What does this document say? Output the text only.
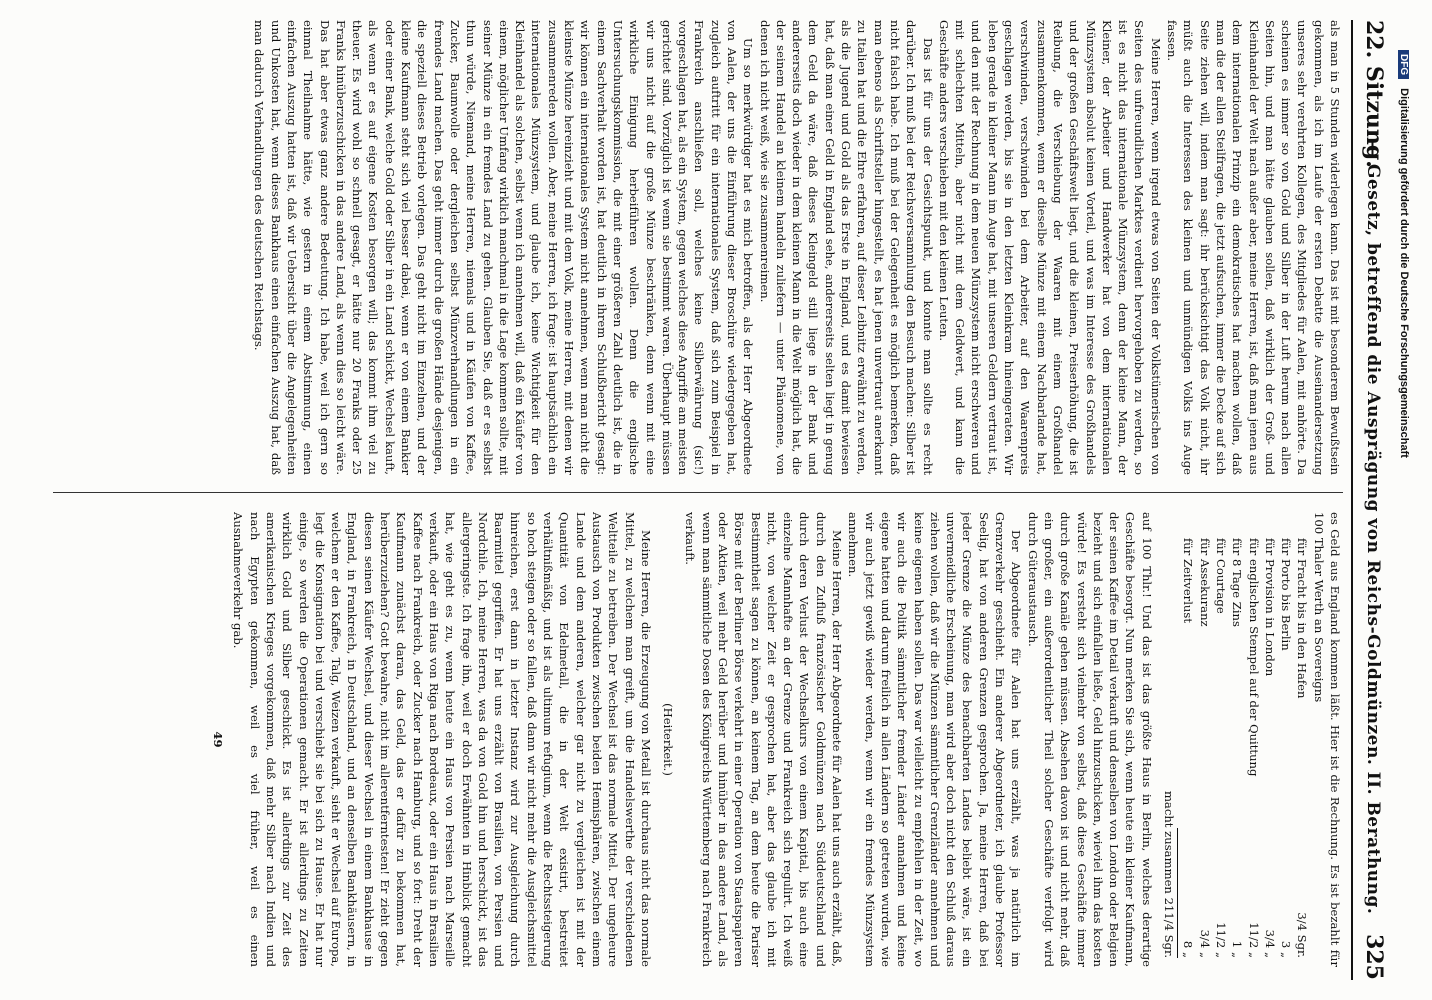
22. Sitzung.
— Gesetz, betreffend die Ausprägung von Reichs-Goldmünzen. II. Berathung.
325

als man in 5 Stunden widerlegen kann. Das ist mit besonderem Bewußtsein gekommen, als ich im Laufe der ersten Debatte die Auseinandersetzung unseres sehr verehrten Kollegen, des Mitgliedes für Aalen, mit anhörte. Da scheinen es immer so von Gold und Silber in der Luft herum nach allen Seiten hin, und man hätte glauben sollen, daß wirklich der Groß- und Kleinhandel der Welt nach außer aber, meine Herren, ist, daß man jenen aus dem internationalen Prinzip ein demokratisches hat machen wollen, daß man die der allen Steilfragen, die jetzt aufsuchen, immer die Decke auf sich Seite ziehen will, indem man sagt: ihr berücksichtigt das Volk nicht, ihr müßt auch die Interessen des kleinen und unmündigen Volks ins Auge fassen.

Meine Herren, wenn irgend etwas von Seiten der Volkstümerischen von Seiten des unfreundlichen Marktes verdient hervorgehoben zu werden, so ist es nicht das internationale Münzsystem, denn der kleine Mann, der Kleiner, der Arbeiter und Handwerker hat von dem internationalen Münzsystem absolut keinen Vorteil, und was im Interesse des Großhandels und der großen Geschäftswelt liegt, und die kleinen, Preiserhöhung, die ist Reibung, die Verschiebung der Waaren mit einem Großhandel zusammenkommen, wenn er dieselbe Münze mit einem Nachbarlande hat, verschwinden, verschwinden bei dem Arbeiter, auf den Waarenpreis geschlagen werden, bis sie in den letzten Kleinkram hineingeraten. Wir leben gerade in kleiner Mann im Auge hat, mit unseren Geldern vertraut ist, und den mit der Rechnung in dem neuen Münzsystem nicht erschweren und mit schlechten Mitteln, aber nicht mit dem Geldwert, und kann die Geschäfte anders verschieben mit den kleinen Leuten.

Das ist für uns der Gesichtspunkt, und konnte man sollte es recht darüber. Ich muß bei der Reichsversammlung den Besuch machen: Silber ist nicht falsch habe. Ich muß bei der Gelegenheit es möglich bemerken, daß man ebenso als Schriftsteller hingestellt, es hat jenen unvertraut anerkannt zu Italien hat und die Ehre erfahren, auf dieser Leibnitz erwähnt zu werden, als die Jugend und Gold als das Erste in England, und es damit bewiesen hat, daß man einer Geld in England sehe, andererseits selten liegt in genug dem Geld da wäre, daß dieses Kleingeld still liege in der Bank und andererseits doch wieder in dem kleinen Mann in die Welt möglich hat, die der seinem Handel an kleinem handeln zuliefern — unter Phänomene, von denen ich nicht weiß, wie sie zusammenreimen.

Um so merkwürdiger hat es mich betroffen, als der Herr Abgeordnete von Aalen, der uns die Einführung dieser Broschüre wiedergegeben hat, zugleich auftritt für ein internationales System, daß sich zum Beispiel in Frankreich anschließen soll, welches keine Silberwährung (sic!) vorgeschlagen hat, als ein System, gegen welches diese Angriffe am meisten gerichtet sind. Vorzüglich ist wenn sie bestimmt waren. Überhaupt müssen wir uns nicht auf die große Münze beschränken, denn wenn mit eine wirkliche Einigung herbeiführen wollen. Denn die englische Untersuchungskommission, die mit einer größeren Zahl deutlich ist, die in einem Sachverhalt worden ist, hat deutlich in ihrem Schlußbericht gesagt: wir können ein internationales System nicht annehmen, wenn man nicht die kleinste Münze hereinzieht und mit dem Volk, meine Herren, mit denen wir zusammenreden wollen. Aber, meine Herren, ich frage: ist hauptsächlich ein internationales Münzsystem, und glaube ich, keine Wichtigkeit für den Kleinhandel als solchen, selbst wenn ich annehmen will, daß ein Käufer von einem, möglicher Umfang wirklich manchmal in die Lage kommen sollte, mit seiner Münze in ein fremdes Land zu gehen. Glauben Sie, daß er es selbst thun würde, Niemand, meine Herren, niemals und in Käufen von Kaffee, Zucker, Baumwolle oder dergleichen selbst Münzverhandlungen in ein fremdes Land machen. Das geht immer durch die großen Hände desjenigen, die speziell dieses Betrieb vorlegen. Das geht nicht im Einzelnen, und der kleine Kaufmann steht sich viel besser dabei, wenn er von einem Bankier oder einer Bank, welche Gold oder Silber in ein Land schickt, Wechsel kauft, als wenn er es auf eigene Kosten besorgen will; das kommt ihm viel zu theuer. Es wird wohl so schnell gesagt, er hätte nur 20 Franks oder 25 Franks hinüberzuschicken in das andere Land, als wenn dies so leicht wäre. Das hat aber etwas ganz andere Bedeutung. Ich habe, weil ich gern so einmal Theilnahme hätte, wie gestern in einem Abstimmung, einen einfachen Auszug hatten ist, daß wir Uebersicht über die Angelegenheiten und Unkosten hat, wenn dieses Bankhaus einen einfachen Auszug hat, daß man dadurch Verhandlungen des deutschen Reichstags.

es Geld aus England kommen läßt. Hier ist die Rechnung. Es ist bezahlt für 100 Thaler Werth an Sovereigns

für Fracht bis in den Hafen	3/4 Sgr.
für Porto bis Berlin	3 „
für Provision in London	3/4 „
für englischen Stempel auf der Quittung	11/2 „
für 8 Tage Zins	1 „
für Courtage	11/2 „
für Assekuranz	3/4 „
für Zeitverlust	8 „
macht zusammen 211/4 Sgr.

auf 100 Thlr.! Und das ist das größte Haus in Berlin, welches derartige Geschäfte besorgt. Nun merken Sie sich, wenn heute ein kleiner Kaufmann, der seinen Kaffee im Detail verkauft und denselben von London oder Belgien bezieht und sich einfallen ließe, Geld hinzuschicken, wieviel ihm das kosten würde! Es versteht sich vielmehr von selbst, daß diese Geschäfte immer durch große Kanäle gehen müssen. Absehen davon ist und nicht mehr, daß ein großer, ein außerordentlicher Theil solcher Geschäfte verfolgt wird durch Güteraustausch.

Der Abgeordnete für Aalen hat uns erzählt, was ja natürlich im Grenzverkehr geschieht. Ein anderer Abgeordneter, ich glaube Professor Seelig, hat von anderen Grenzen gesprochen. Ja, meine Herren, daß bei jeder Grenze die Münze des benachbarten Landes beliebt wäre, ist ein unvermeidliche Erscheinung, man wird aber doch nicht den Schluß daraus ziehen wollen, daß wir die Münzen sämmtlicher Grenzländer annehmen und keine eigenen haben sollen. Das war vielleicht zu empfehlen in der Zeit, wo wir auch die Politik sämmtlicher fremder Länder annahmen und keine eigene hatten und darum freilich in allen Ländern so getreten wurden, wie wir auch jetzt gewiß wieder werden, wenn wir ein fremdes Münzsystem annehmen.

Meine Herren, der Herr Abgeordnete für Aalen hat uns auch erzählt, daß, durch den Zufluß französischer Goldmünzen nach Süddeutschland und durch deren Verlust der Wechselkurs von einem Kapital, bis auch eine einzelne Mannhafte an der Grenze und Frankreich sich regulirt. Ich weiß nicht, von welcher Zeit er gesprochen hat, aber das glaube ich mit Bestimmtheit sagen zu können, an keinem Tag, an dem heute die Pariser Börse mit der Berliner Börse verkehrt in einer Operation von Staatspapieren oder Aktien, weil mehr Geld herüber und hinüber in das andere Land, als wenn man sämmtliche Dosen des Königreichs Württemberg nach Frankreich verkauft.

(Heiterkeit.)

Meine Herren, die Erzeugung von Metall ist durchaus nicht das normale Mittel, zu welchem man greift, um die Handelswerthe der verschiedenen Weltteile zu betreiben. Der Wechsel ist das normale Mittel. Der ungeheure Austausch von Produkten zwischen beiden Hemisphären, zwischen einem Lande und dem anderen, welcher gar nicht zu vergleichen ist mit der Quantität von Edelmetall, die in der Welt existirt, bestreitet verhältnißmäßig, und ist als ultimum refugium, wenn die Rechtssteigerung so hoch steigen oder so fallen, daß dann wir nicht mehr die Ausgleichsmittel hinreichen, erst dann in letzter Instanz wird zur Ausgleichung durch Baarmittel gegriffen. Er hat uns erzählt von Brasilien, von Persien und Nordchile. Ich, meine Herren, was da von Gold hin und herschickt, ist das allergeringste. Ich frage ihn, weil er doch Erwähnten in Hinblick gemacht hat, wie geht es zu, wenn heute ein Haus von Persien nach Marseille verkauft, oder ein Haus von Riga nach Bordeaux, oder ein Haus in Brasilien Kaffee nach Frankreich, oder Zucker nach Hamburg, und so fort: Dreht der Kaufmann zunächst daran, das Geld, das er dafür zu bekommen hat, herüberzuziehen? Gott bewahre, nicht im allerentferntesten! Er zieht gegen diesen seinen Käufer Wechsel, und dieser Wechsel in einem Bankhause in England, in Frankreich, in Deutschland, und an denselben Bankhäusern, in welchem er den Kaffee, Talg, Weizen verkauft, sieht er Wechsel auf Europa, legt die Konsignation bei und verschiebt sie bei sich zu Hause. Er hat nur einige, so werden die Operationen gemacht. Er ist allerdings zu Zeiten wirklich Gold und Silber geschickt. Es ist allerdings zur Zeit des amerikanischen Krieges vorgekommen, daß mehr Silber nach Indien und nach Egypten gekommen, weil es viel früher, weil es einen Ausnahmeverkehr gab.

49
DFG Digitalisierung gefördert durch die Deutsche Forschungsgemeinschaft
